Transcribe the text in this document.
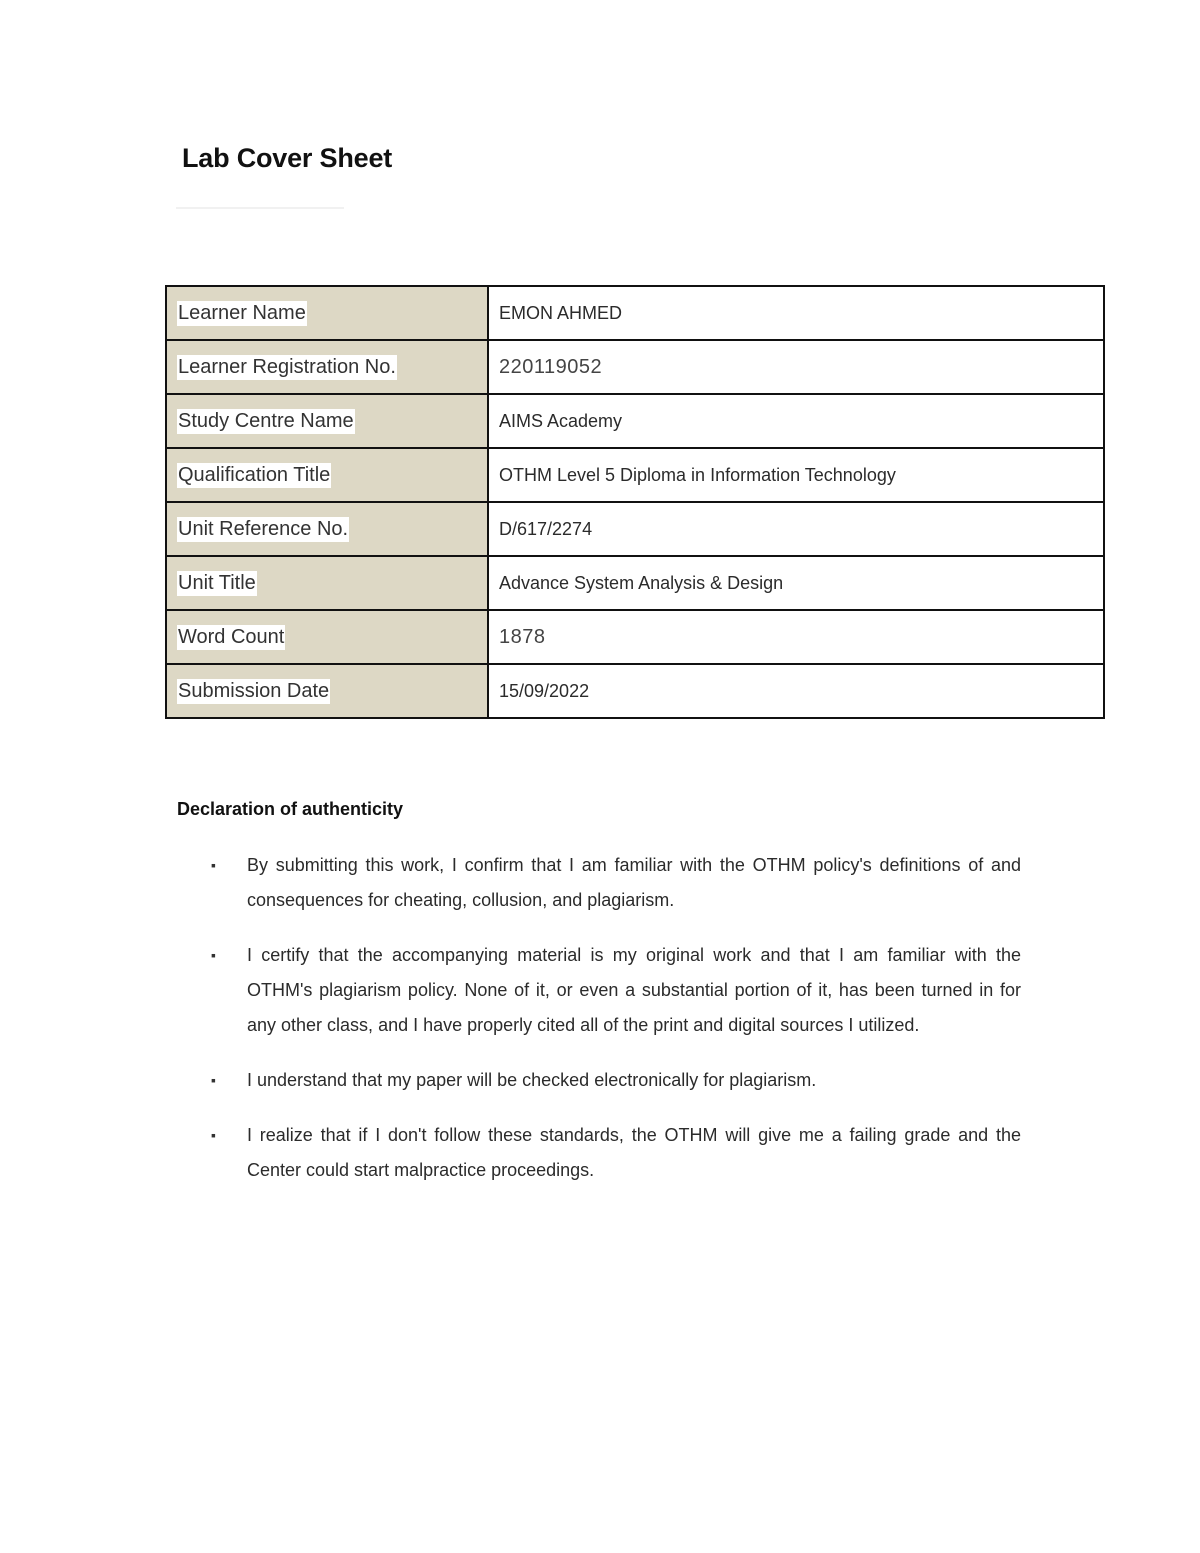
Lab Cover Sheet
Learner Name	EMON AHMED
Learner Registration No.	220119052
Study Centre Name	AIMS Academy
Qualification Title	OTHM Level 5 Diploma in Information Technology
Unit Reference No.	D/617/2274
Unit Title	Advance System Analysis & Design
Word Count	1878
Submission Date	15/09/2022
Declaration of authenticity
▪ By submitting this work, I confirm that I am familiar with the OTHM policy's definitions of and consequences for cheating, collusion, and plagiarism.
▪ I certify that the accompanying material is my original work and that I am familiar with the OTHM's plagiarism policy. None of it, or even a substantial portion of it, has been turned in for any other class, and I have properly cited all of the print and digital sources I utilized.
▪ I understand that my paper will be checked electronically for plagiarism.
▪ I realize that if I don't follow these standards, the OTHM will give me a failing grade and the Center could start malpractice proceedings.
